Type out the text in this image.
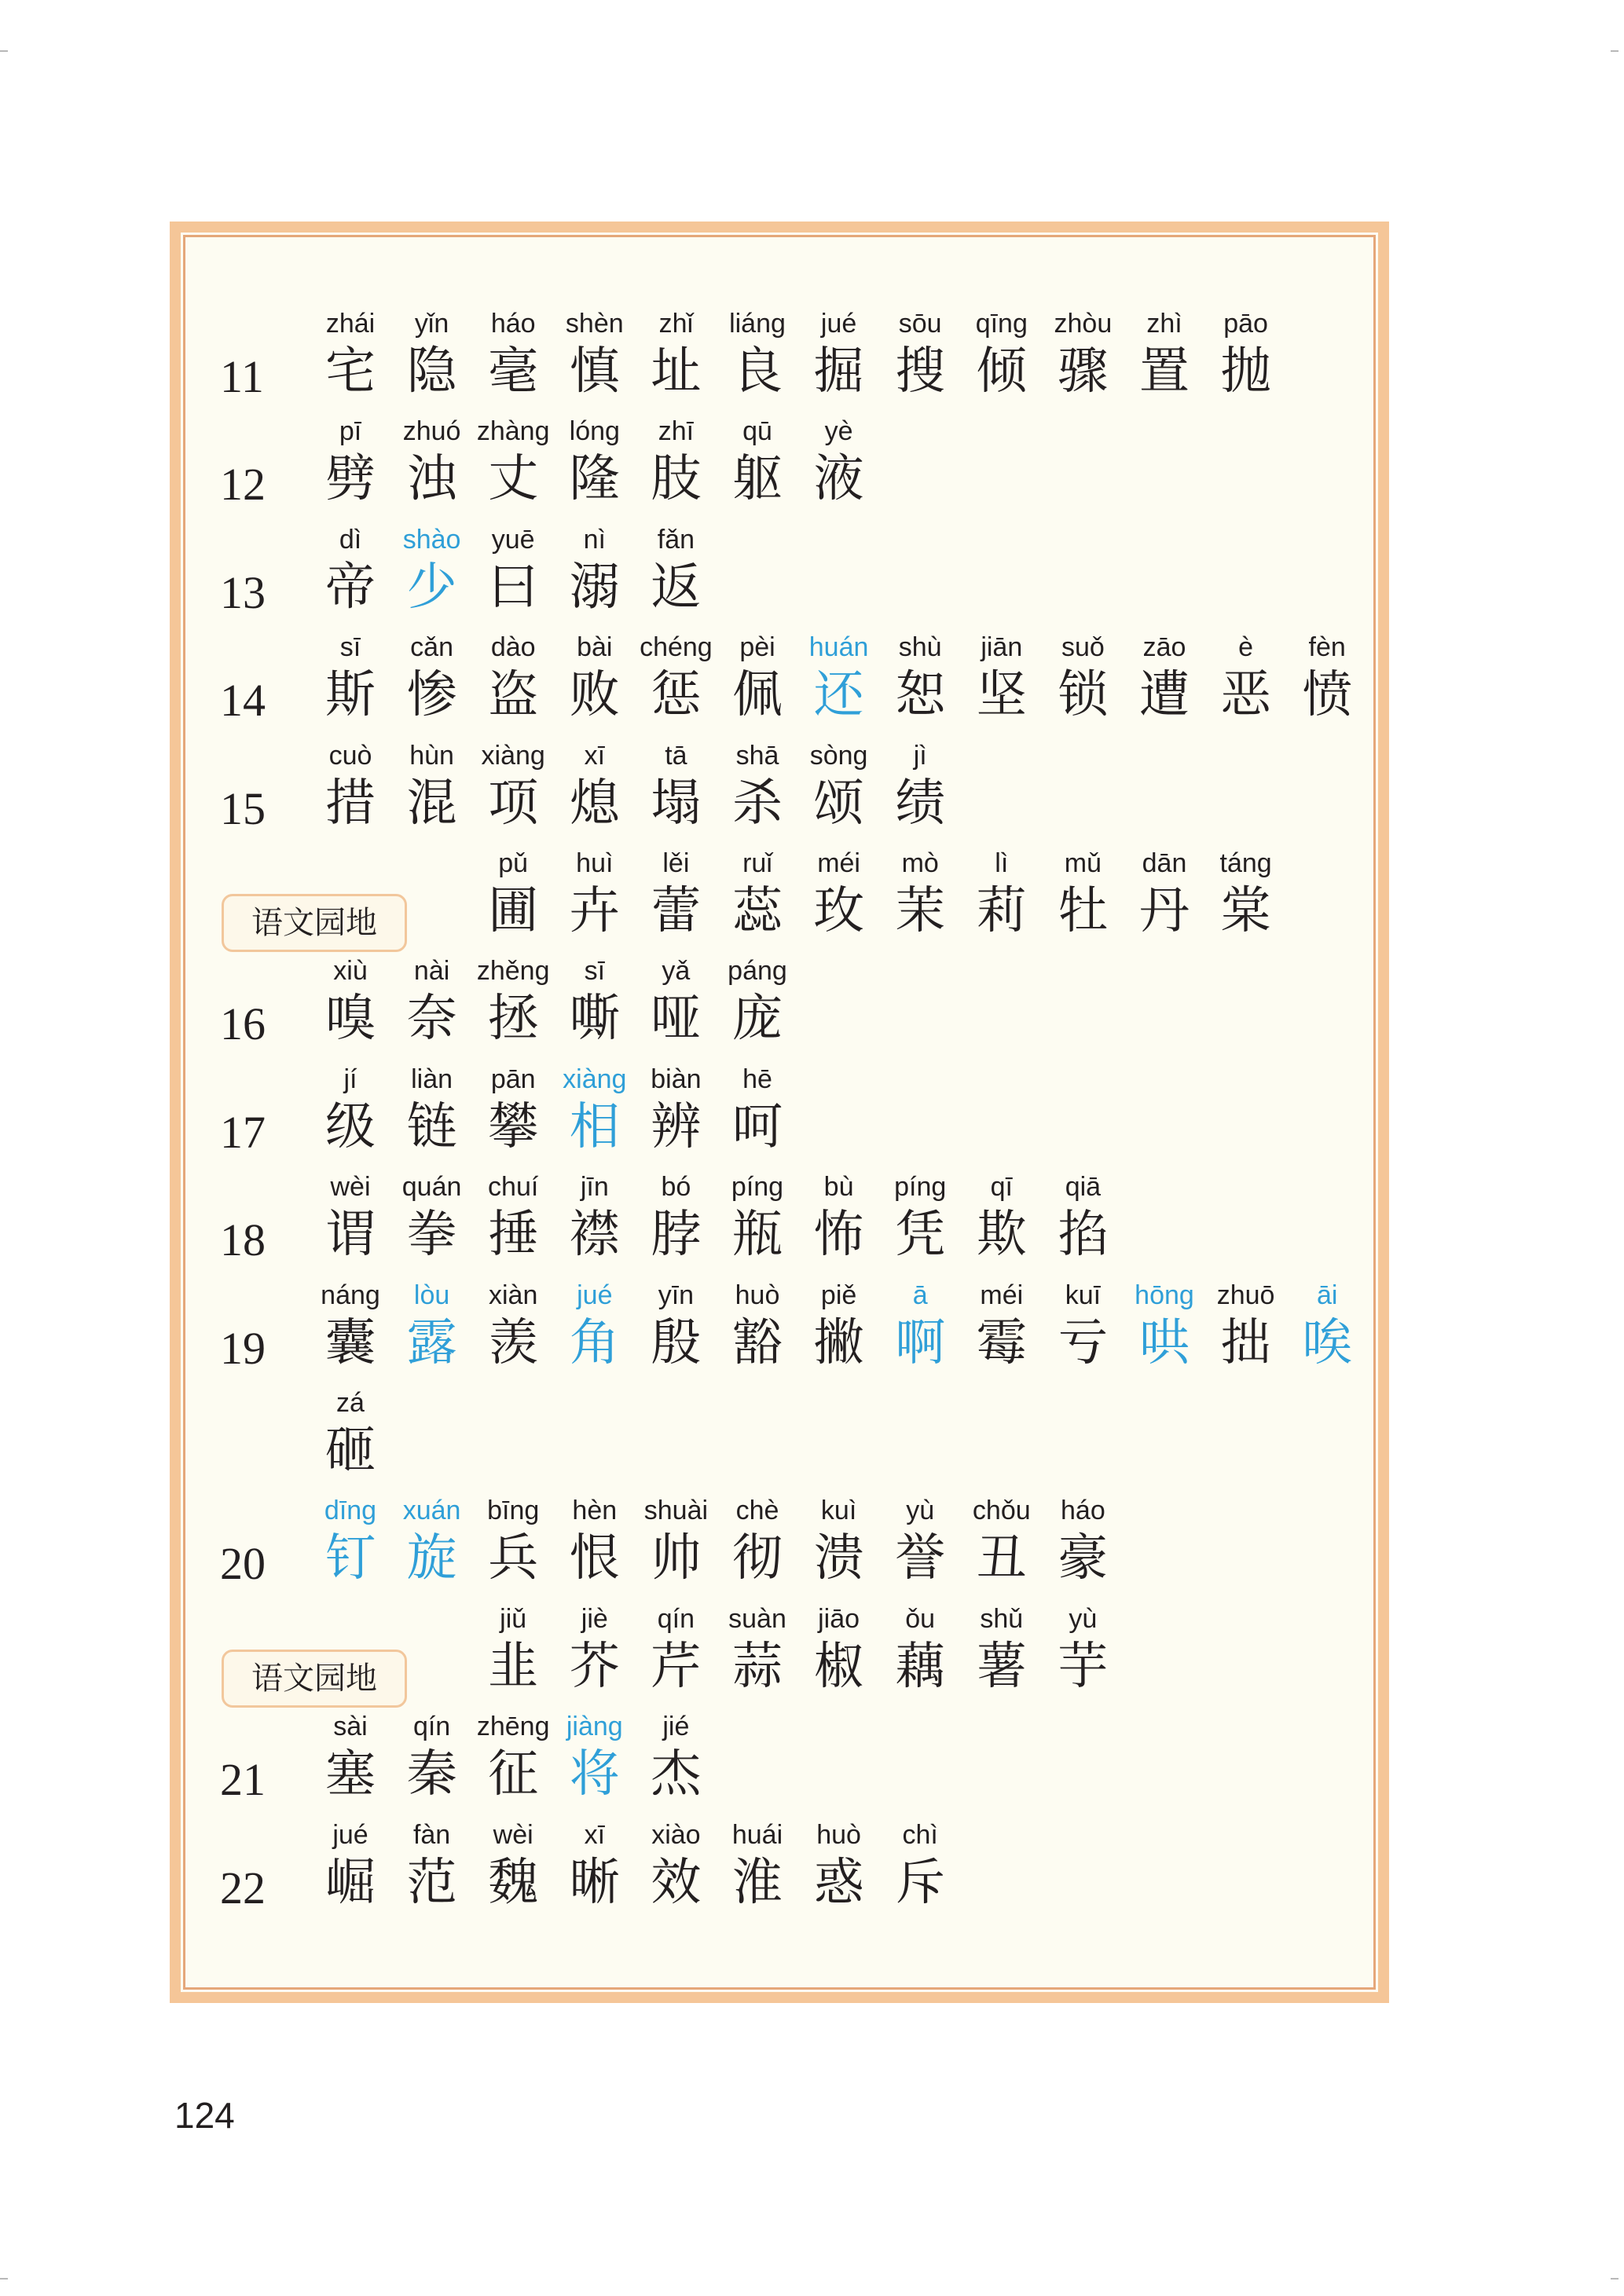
11
zhái
宅
yǐn
隐
háo
毫
shèn
慎
zhǐ
址
liáng
良
jué
掘
sōu
搜
qīng
倾
zhòu
骤
zhì
置
pāo
抛
12
pī
劈
zhuó
浊
zhàng
丈
lóng
隆
zhī
肢
qū
躯
yè
液
13
dì
帝
shào
少
yuē
曰
nì
溺
fǎn
返
14
sī
斯
cǎn
惨
dào
盗
bài
败
chéng
惩
pèi
佩
huán
还
shù
恕
jiān
坚
suǒ
锁
zāo
遭
è
恶
fèn
愤
15
cuò
措
hùn
混
xiàng
项
xī
熄
tā
塌
shā
杀
sòng
颂
jì
绩
语文园地
pǔ
圃
huì
卉
lěi
蕾
ruǐ
蕊
méi
玫
mò
茉
lì
莉
mǔ
牡
dān
丹
táng
棠
16
xiù
嗅
nài
奈
zhěng
拯
sī
嘶
yǎ
哑
páng
庞
17
jí
级
liàn
链
pān
攀
xiàng
相
biàn
辨
hē
呵
18
wèi
谓
quán
拳
chuí
捶
jīn
襟
bó
脖
píng
瓶
bù
怖
píng
凭
qī
欺
qiā
掐
19
náng
囊
lòu
露
xiàn
羡
jué
角
yīn
殷
huò
豁
piě
撇
ā
啊
méi
霉
kuī
亏
hōng
哄
zhuō
拙
āi
唉
zá
砸
20
dīng
钉
xuán
旋
bīng
兵
hèn
恨
shuài
帅
chè
彻
kuì
溃
yù
誉
chǒu
丑
háo
豪
语文园地
jiǔ
韭
jiè
芥
qín
芹
suàn
蒜
jiāo
椒
ǒu
藕
shǔ
薯
yù
芋
21
sài
塞
qín
秦
zhēng
征
jiàng
将
jié
杰
22
jué
崛
fàn
范
wèi
魏
xī
晰
xiào
效
huái
淮
huò
惑
chì
斥
124
